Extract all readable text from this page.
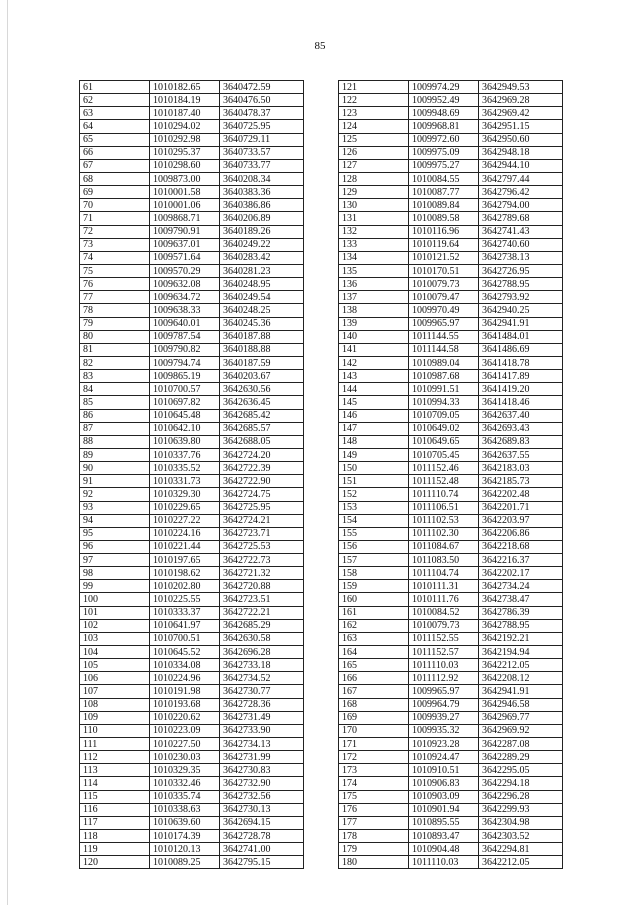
85
61	1010182.65	3640472.59
62	1010184.19	3640476.50
63	1010187.40	3640478.37
64	1010294.02	3640725.95
65	1010292.98	3640729.11
66	1010295.37	3640733.57
67	1010298.60	3640733.77
68	1009873.00	3640208.34
69	1010001.58	3640383.36
70	1010001.06	3640386.86
71	1009868.71	3640206.89
72	1009790.91	3640189.26
73	1009637.01	3640249.22
74	1009571.64	3640283.42
75	1009570.29	3640281.23
76	1009632.08	3640248.95
77	1009634.72	3640249.54
78	1009638.33	3640248.25
79	1009640.01	3640245.36
80	1009787.54	3640187.88
81	1009790.82	3640188.88
82	1009794.74	3640187.59
83	1009865.19	3640203.67
84	1010700.57	3642630.56
85	1010697.82	3642636.45
86	1010645.48	3642685.42
87	1010642.10	3642685.57
88	1010639.80	3642688.05
89	1010337.76	3642724.20
90	1010335.52	3642722.39
91	1010331.73	3642722.90
92	1010329.30	3642724.75
93	1010229.65	3642725.95
94	1010227.22	3642724.21
95	1010224.16	3642723.71
96	1010221.44	3642725.53
97	1010197.65	3642722.73
98	1010198.62	3642721.32
99	1010202.80	3642720.88
100	1010225.55	3642723.51
101	1010333.37	3642722.21
102	1010641.97	3642685.29
103	1010700.51	3642630.58
104	1010645.52	3642696.28
105	1010334.08	3642733.18
106	1010224.96	3642734.52
107	1010191.98	3642730.77
108	1010193.68	3642728.36
109	1010220.62	3642731.49
110	1010223.09	3642733.90
111	1010227.50	3642734.13
112	1010230.03	3642731.99
113	1010329.35	3642730.83
114	1010332.46	3642732.90
115	1010335.74	3642732.56
116	1010338.63	3642730.13
117	1010639.60	3642694.15
118	1010174.39	3642728.78
119	1010120.13	3642741.00
120	1010089.25	3642795.15
121	1009974.29	3642949.53
122	1009952.49	3642969.28
123	1009948.69	3642969.42
124	1009968.81	3642951.15
125	1009972.60	3642950.60
126	1009975.09	3642948.18
127	1009975.27	3642944.10
128	1010084.55	3642797.44
129	1010087.77	3642796.42
130	1010089.84	3642794.00
131	1010089.58	3642789.68
132	1010116.96	3642741.43
133	1010119.64	3642740.60
134	1010121.52	3642738.13
135	1010170.51	3642726.95
136	1010079.73	3642788.95
137	1010079.47	3642793.92
138	1009970.49	3642940.25
139	1009965.97	3642941.91
140	1011144.55	3641484.01
141	1011144.58	3641486.69
142	1010989.04	3641418.78
143	1010987.68	3641417.89
144	1010991.51	3641419.20
145	1010994.33	3641418.46
146	1010709.05	3642637.40
147	1010649.02	3642693.43
148	1010649.65	3642689.83
149	1010705.45	3642637.55
150	1011152.46	3642183.03
151	1011152.48	3642185.73
152	1011110.74	3642202.48
153	1011106.51	3642201.71
154	1011102.53	3642203.97
155	1011102.30	3642206.86
156	1011084.67	3642218.68
157	1011083.50	3642216.37
158	1011104.74	3642202.17
159	1010111.31	3642734.24
160	1010111.76	3642738.47
161	1010084.52	3642786.39
162	1010079.73	3642788.95
163	1011152.55	3642192.21
164	1011152.57	3642194.94
165	1011110.03	3642212.05
166	1011112.92	3642208.12
167	1009965.97	3642941.91
168	1009964.79	3642946.58
169	1009939.27	3642969.77
170	1009935.32	3642969.92
171	1010923.28	3642287.08
172	1010924.47	3642289.29
173	1010910.51	3642295.05
174	1010906.83	3642294.18
175	1010903.09	3642296.28
176	1010901.94	3642299.93
177	1010895.55	3642304.98
178	1010893.47	3642303.52
179	1010904.48	3642294.81
180	1011110.03	3642212.05
